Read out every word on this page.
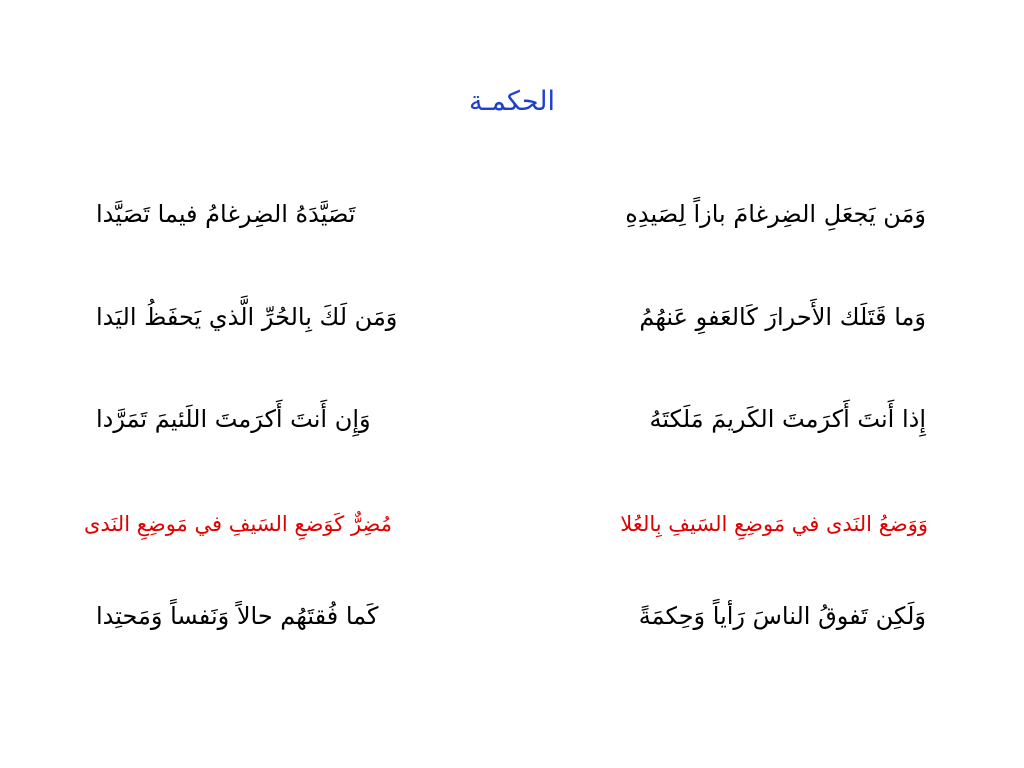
الحكمـة
وَمَن يَجعَلِ الضِرغامَ بازاً لِصَيدِهِ
تَصَيَّدَهُ الضِرغامُ فيما تَصَيَّدا
وَما قَتَلَك الأَحرارَ كَالعَفوِ عَنهُمُ
وَمَن لَكَ بِالحُرِّ الَّذي يَحفَظُ اليَدا
إِذا أَنتَ أَكرَمتَ الكَريمَ مَلَكتَهُ
وَإِن أَنتَ أَكرَمتَ اللَئيمَ تَمَرَّدا
وَوَضعُ النَدى في مَوضِعِ السَيفِ بِالعُلا
مُضِرٌّ كَوَضعِ السَيفِ في مَوضِعِ النَدى
وَلَكِن تَفوقُ الناسَ رَأياً وَحِكمَةً
كَما فُقتَهُم حالاً وَنَفساً وَمَحتِدا
